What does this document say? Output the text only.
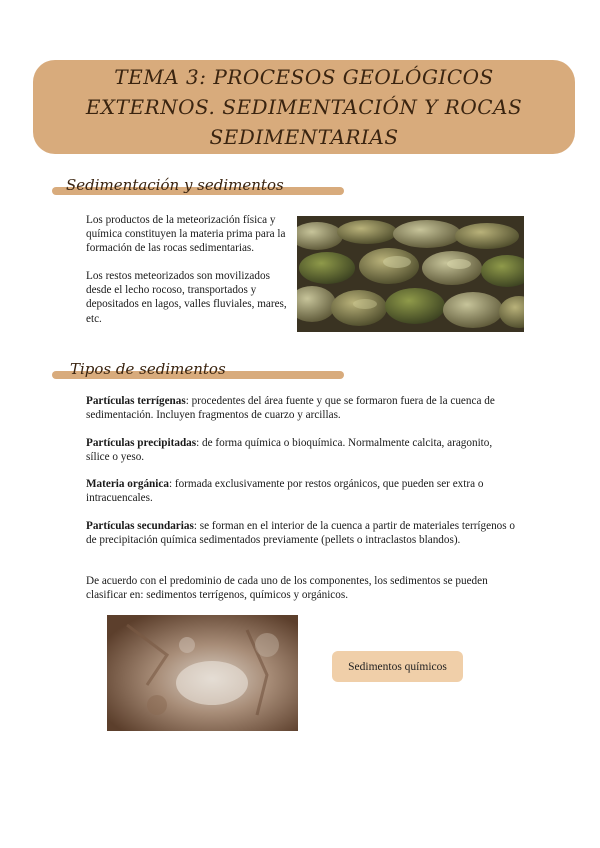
TEMA 3: PROCESOS GEOLÓGICOS EXTERNOS. SEDIMENTACIÓN Y ROCAS SEDIMENTARIAS
Sedimentación y sedimentos

Los productos de la meteorización física y química constituyen la materia prima para la formación de las rocas sedimentarias.

Los restos meteorizados son movilizados desde el lecho rocoso, transportados y depositados en lagos, valles fluviales, mares, etc.

Tipos de sedimentos

Partículas terrígenas: procedentes del área fuente y que se formaron fuera de la cuenca de sedimentación. Incluyen fragmentos de cuarzo y arcillas.

Partículas precipitadas: de forma química o bioquímica. Normalmente calcita, aragonito, sílice o yeso.

Materia orgánica: formada exclusivamente por restos orgánicos, que pueden ser extra o intracuencales.

Partículas secundarias: se forman en el interior de la cuenca a partir de materiales terrígenos o de precipitación química sedimentados previamente (pellets o intraclastos blandos).

De acuerdo con el predominio de cada uno de los componentes, los sedimentos se pueden clasificar en: sedimentos terrígenos, químicos y orgánicos.

Sedimentos químicos
